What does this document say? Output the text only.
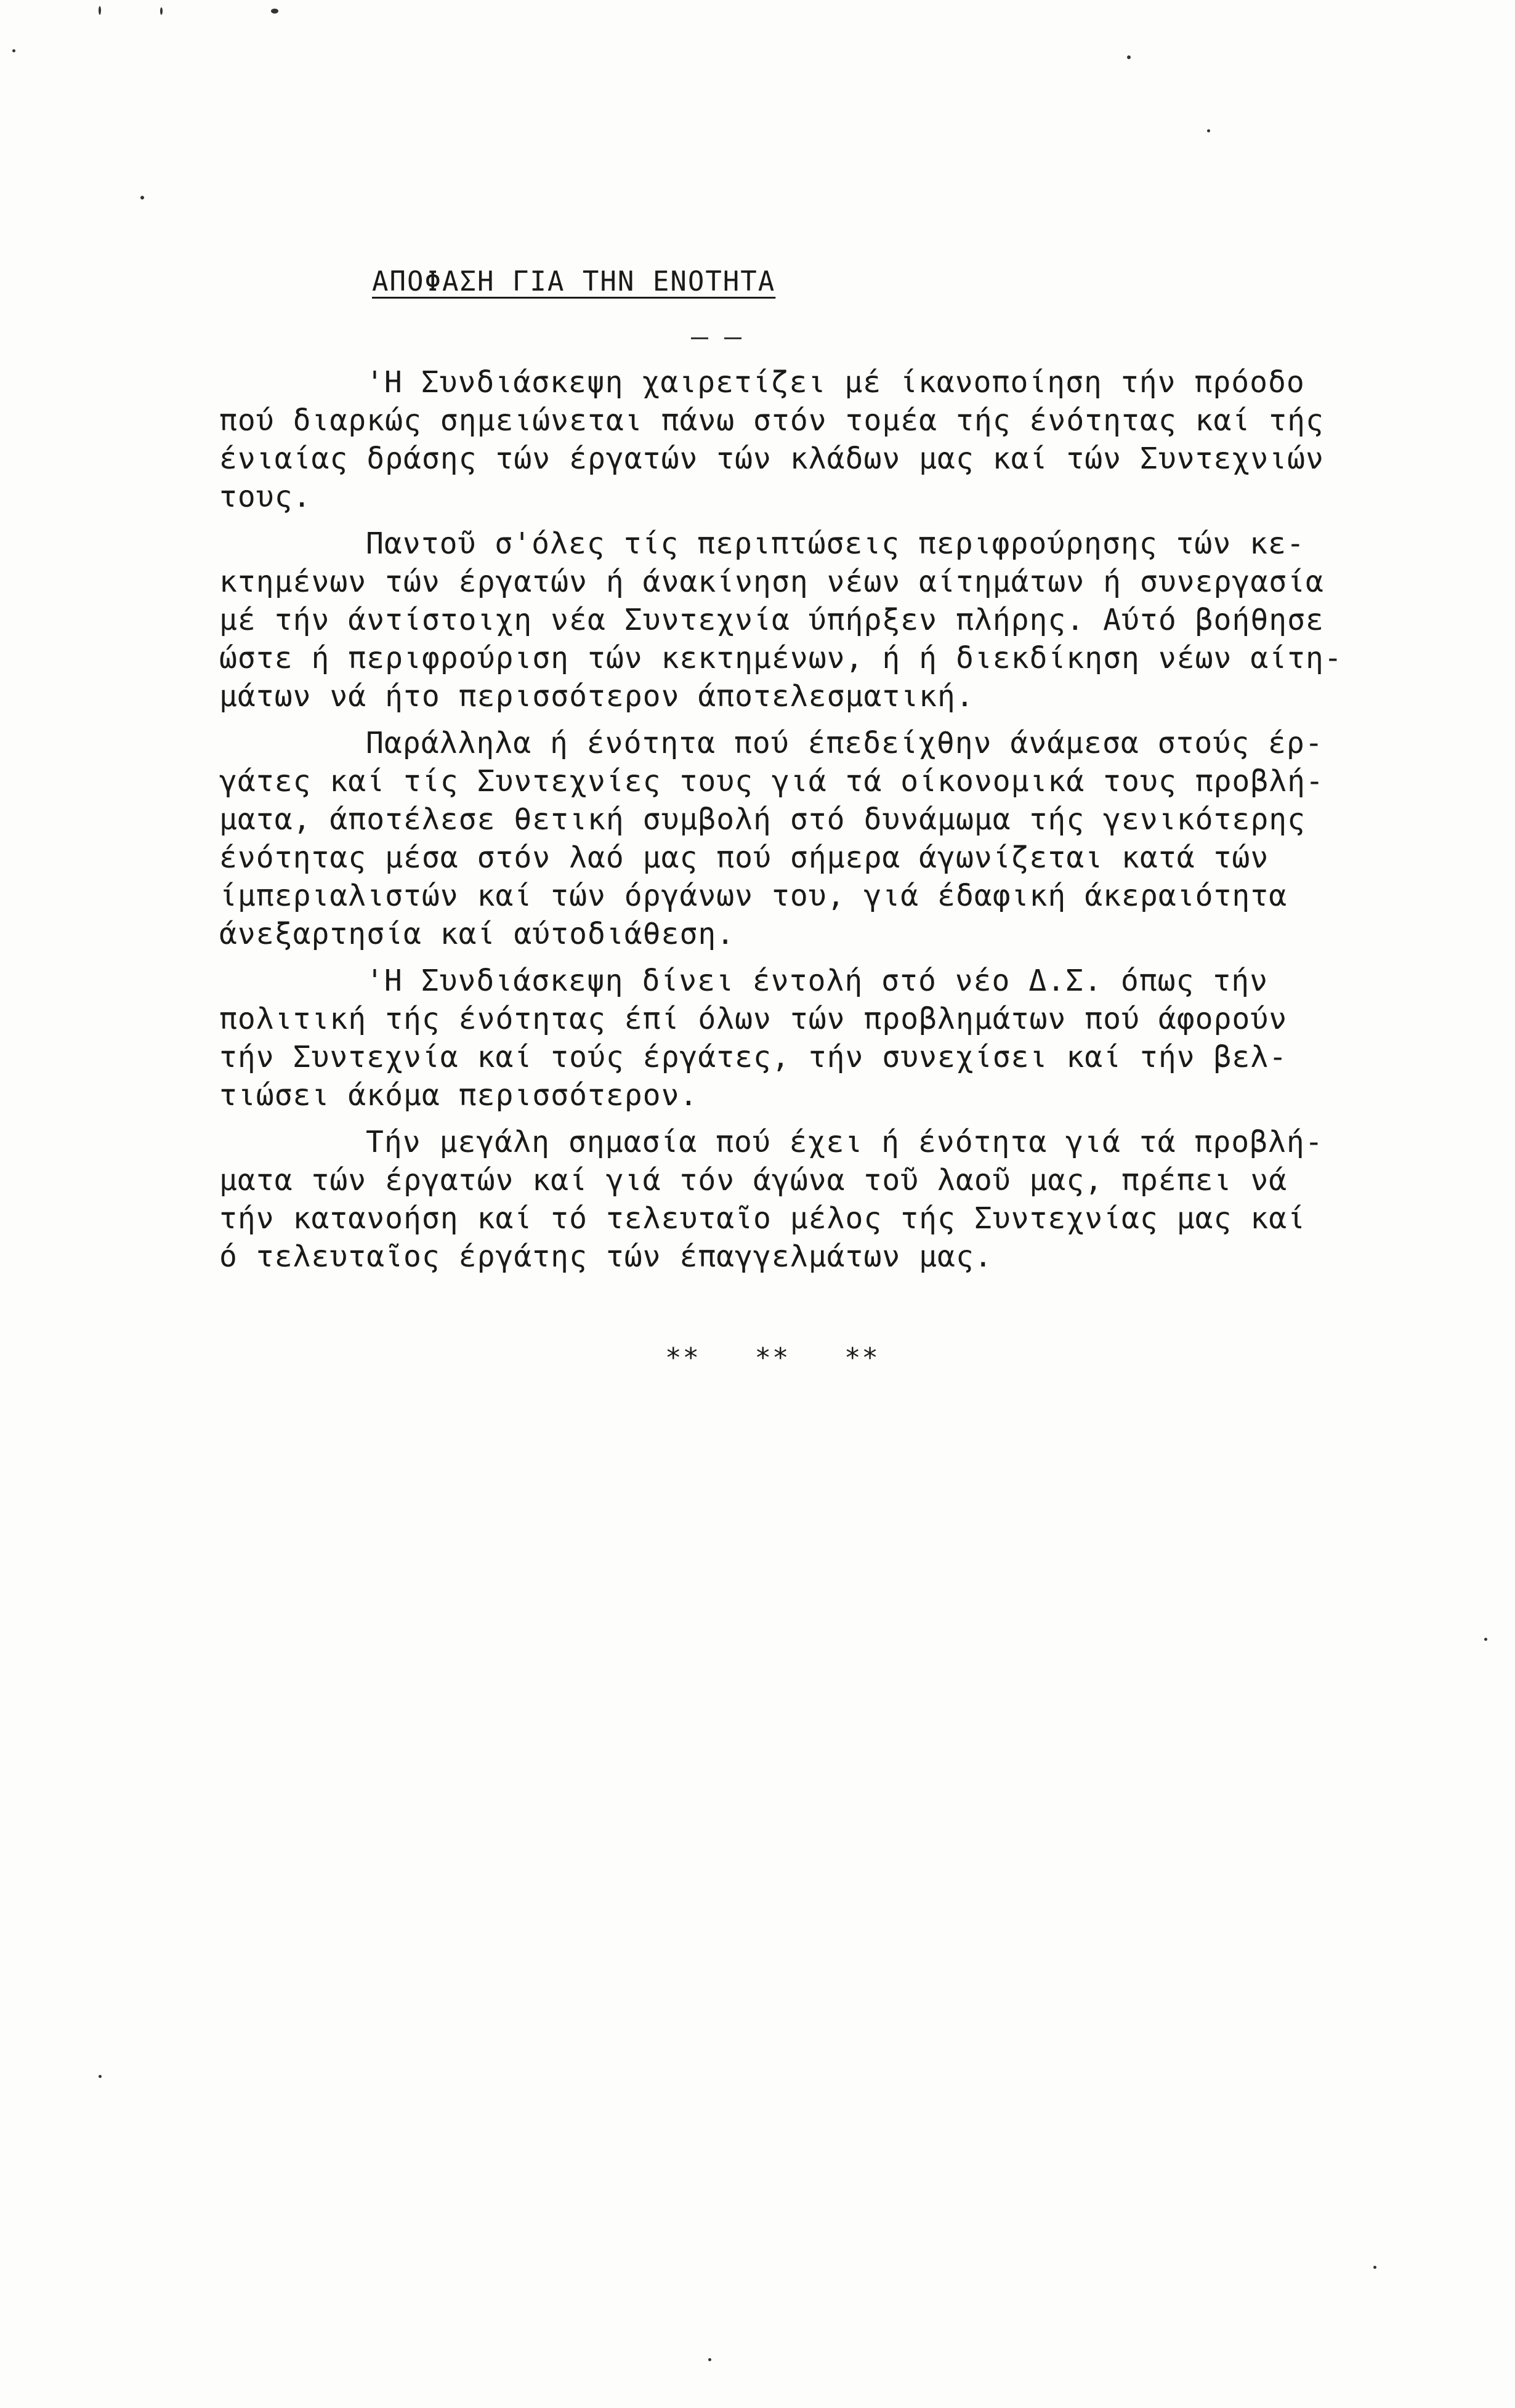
ΑΠΟΦΑΣΗ ΓΙΑ ΤΗΝ ΕΝΟΤΗΤΑ
'Η Συνδιάσκεψη χαιρετίζει μέ ίκανοποίηση τήν πρόοδο
πού διαρκώς σημειώνεται πάνω στόν τομέα τής ένότητας καί τής
ένιαίας δράσης τών έργατών τών κλάδων μας καί τών Συντεχνιών
τους.
Παντοῦ σ'όλες τίς περιπτώσεις περιφρούρησης τών κε-
κτημένων τών έργατών ή άνακίνηση νέων αίτημάτων ή συνεργασία
μέ τήν άντίστοιχη νέα Συντεχνία ύπήρξεν πλήρης. Αύτό βοήθησε
ώστε ή περιφρούριση τών κεκτημένων, ή ή διεκδίκηση νέων αίτη-
μάτων νά ήτο περισσότερον άποτελεσματική.
Παράλληλα ή ένότητα πού έπεδείχθην άνάμεσα στούς έρ-
γάτες καί τίς Συντεχνίες τους γιά τά οίκονομικά τους προβλή-
ματα, άποτέλεσε θετική συμβολή στό δυνάμωμα τής γενικότερης
ένότητας μέσα στόν λαό μας πού σήμερα άγωνίζεται κατά τών
ίμπεριαλιστών καί τών όργάνων του, γιά έδαφική άκεραιότητα
άνεξαρτησία καί αύτοδιάθεση.
'Η Συνδιάσκεψη δίνει έντολή στό νέο Δ.Σ. όπως τήν
πολιτική τής ένότητας έπί όλων τών προβλημάτων πού άφορούν
τήν Συντεχνία καί τούς έργάτες, τήν συνεχίσει καί τήν βελ-
τιώσει άκόμα περισσότερον.
Τήν μεγάλη σημασία πού έχει ή ένότητα γιά τά προβλή-
ματα τών έργατών καί γιά τόν άγώνα τοῦ λαοῦ μας, πρέπει νά
τήν κατανοήση καί τό τελευταῖο μέλος τής Συντεχνίας μας καί
ό τελευταῖος έργάτης τών έπαγγελμάτων μας.
** ** **
